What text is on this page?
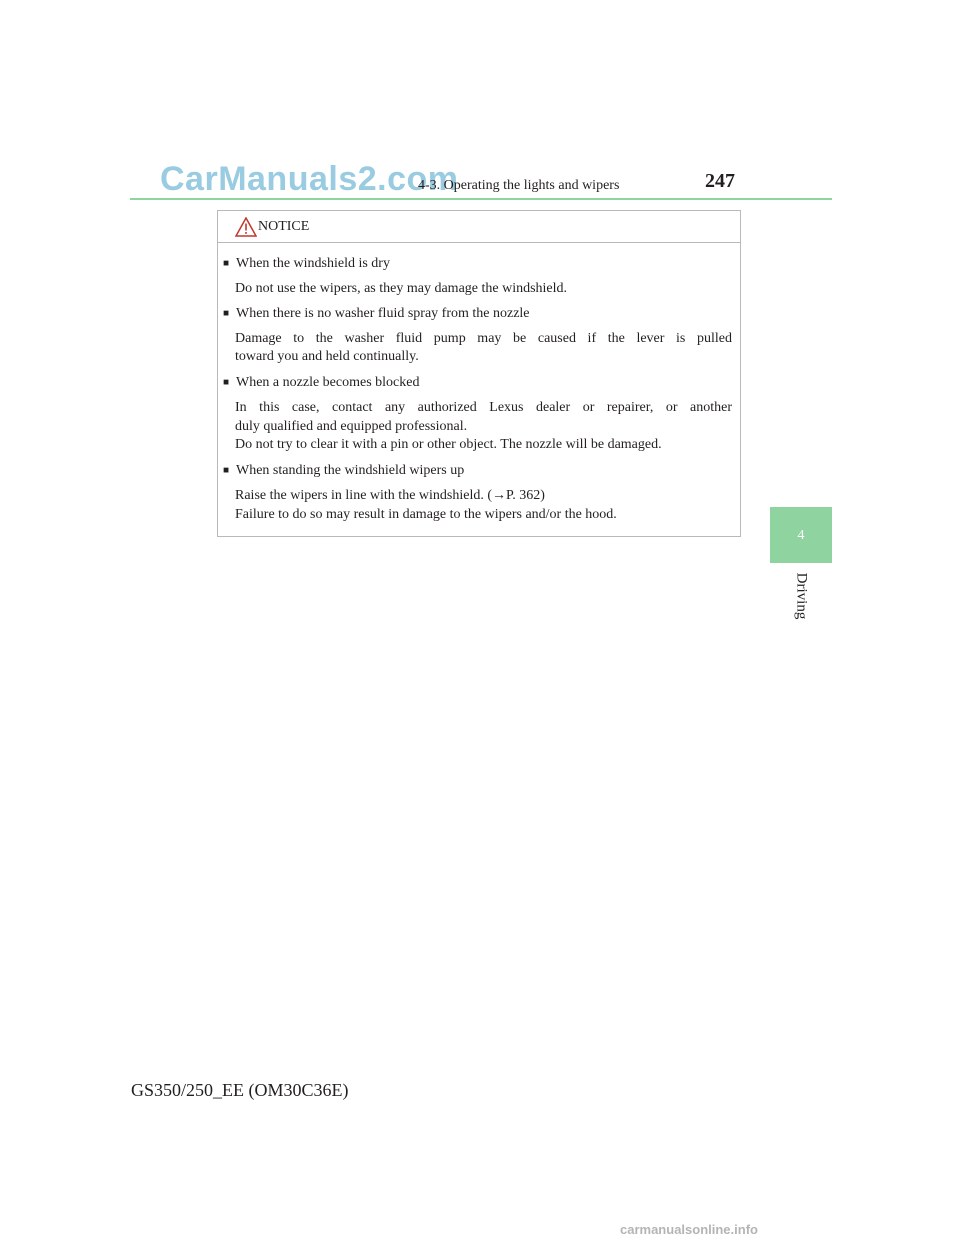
CarManuals2.com
4-3. Operating the lights and wipers	247
4
Driving
NOTICE
■ When the windshield is dry
Do not use the wipers, as they may damage the windshield.
■ When there is no washer fluid spray from the nozzle
Damage to the washer fluid pump may be caused if the lever is pulled
toward you and held continually.
■ When a nozzle becomes blocked
In this case, contact any authorized Lexus dealer or repairer, or another
duly qualified and equipped professional.
Do not try to clear it with a pin or other object. The nozzle will be damaged.
■ When standing the windshield wipers up
Raise the wipers in line with the windshield. (→P. 362)
Failure to do so may result in damage to the wipers and/or the hood.
GS350/250_EE (OM30C36E)
carmanualsonline.info
